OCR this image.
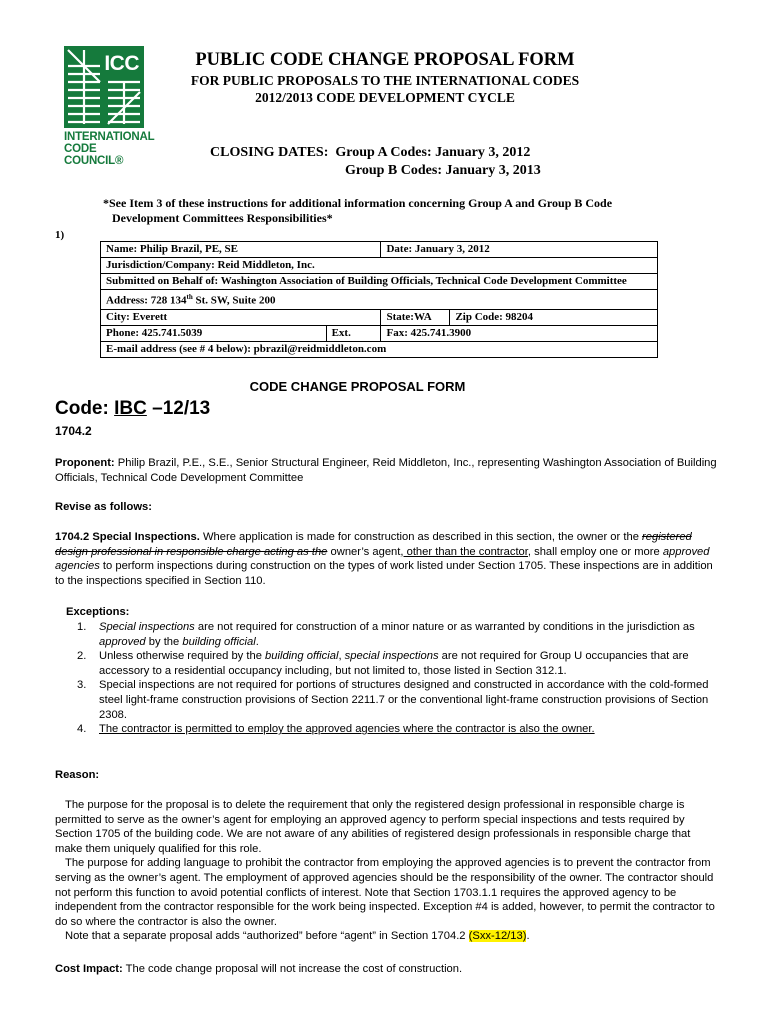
ICC
INTERNATIONAL
CODE COUNCIL®
PUBLIC CODE CHANGE PROPOSAL FORM
FOR PUBLIC PROPOSALS TO THE INTERNATIONAL CODES
2012/2013 CODE DEVELOPMENT CYCLE
CLOSING DATES: Group A Codes: January 3, 2012
Group B Codes: January 3, 2013
*See Item 3 of these instructions for additional information concerning Group A and Group B Code
Development Committees Responsibilities*
1)
Name: Philip Brazil, PE, SE		Date: January 3, 2012	
Jurisdiction/Company: Reid Middleton, Inc.			
Submitted on Behalf of: Washington Association of Building Officials, Technical Code Development Committee			
Address: 728 134th St. SW, Suite 200			
City: Everett		State:WA	Zip Code: 98204
Phone: 425.741.5039	Ext.	Fax: 425.741.3900	
E-mail address (see # 4 below): pbrazil@reidmiddleton.com			
CODE CHANGE PROPOSAL FORM
Code: IBC –12/13
1704.2
Proponent: Philip Brazil, P.E., S.E., Senior Structural Engineer, Reid Middleton, Inc., representing Washington Association of Building Officials, Technical Code Development Committee
Revise as follows:
1704.2 Special Inspections. Where application is made for construction as described in this section, the owner or the registered design professional in responsible charge acting as the owner’s agent, other than the contractor, shall employ one or more approved agencies to perform inspections during construction on the types of work listed under Section 1705. These inspections are in addition to the inspections specified in Section 110.
Exceptions:
1. Special inspections are not required for construction of a minor nature or as warranted by conditions in the jurisdiction as approved by the building official.
2. Unless otherwise required by the building official, special inspections are not required for Group U occupancies that are accessory to a residential occupancy including, but not limited to, those listed in Section 312.1.
3. Special inspections are not required for portions of structures designed and constructed in accordance with the cold-formed steel light-frame construction provisions of Section 2211.7 or the conventional light-frame construction provisions of Section 2308.
4. The contractor is permitted to employ the approved agencies where the contractor is also the owner.
Reason:

The purpose for the proposal is to delete the requirement that only the registered design professional in responsible charge is permitted to serve as the owner’s agent for employing an approved agency to perform special inspections and tests required by Section 1705 of the building code. We are not aware of any abilities of registered design professionals in responsible charge that make them uniquely qualified for this role.

The purpose for adding language to prohibit the contractor from employing the approved agencies is to prevent the contractor from serving as the owner’s agent. The employment of approved agencies should be the responsibility of the owner. The contractor should not perform this function to avoid potential conflicts of interest. Note that Section 1703.1.1 requires the approved agency to be independent from the contractor responsible for the work being inspected. Exception #4 is added, however, to permit the contractor to do so where the contractor is also the owner.

Note that a separate proposal adds “authorized” before “agent” in Section 1704.2 (Sxx-12/13).

Cost Impact: The code change proposal will not increase the cost of construction.
